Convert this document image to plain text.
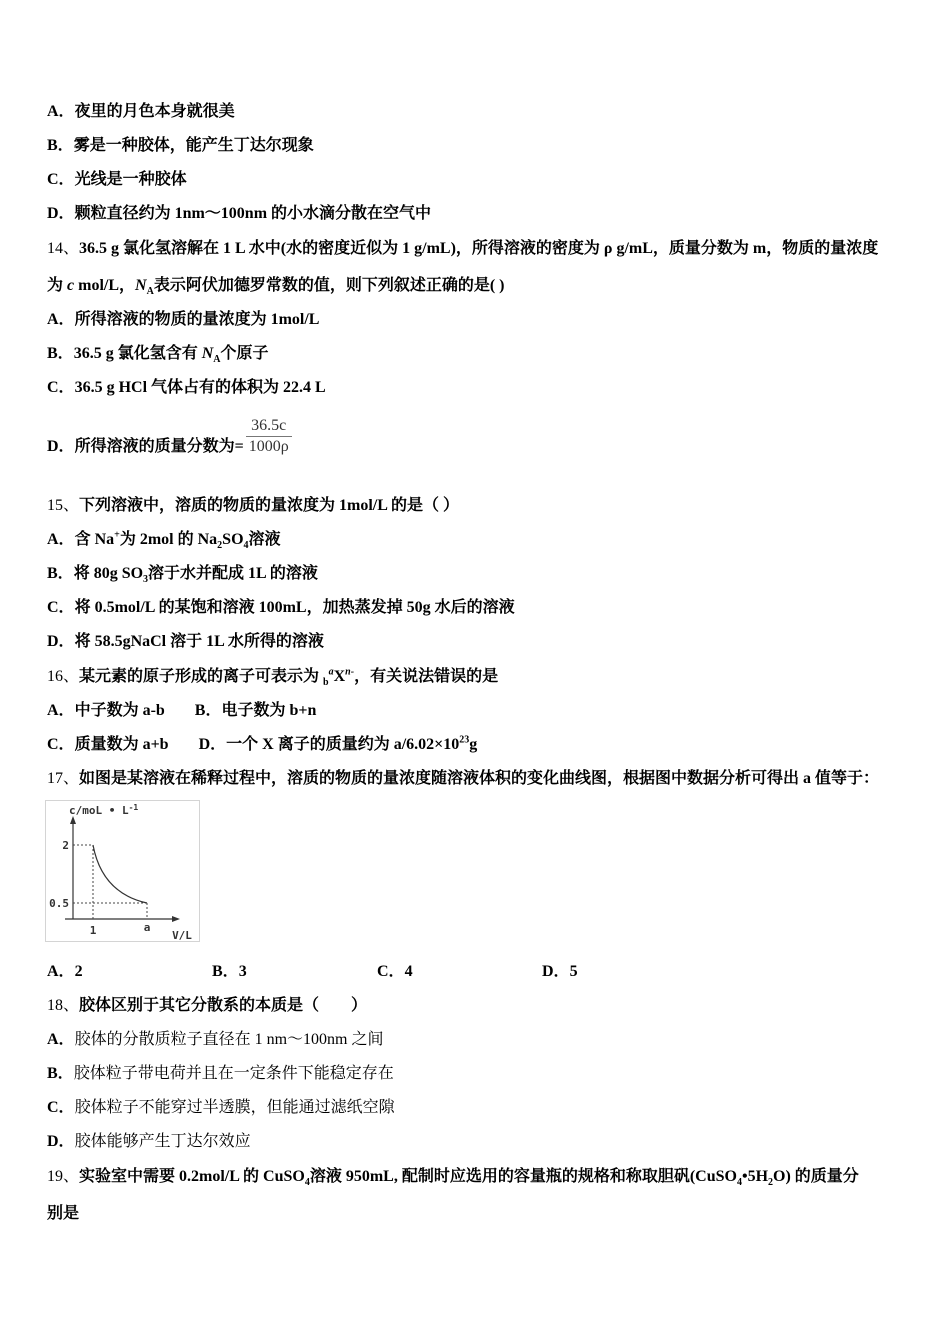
A．夜里的月色本身就很美
B．雾是一种胶体，能产生丁达尔现象
C．光线是一种胶体
D．颗粒直径约为 1nm～100nm 的小水滴分散在空气中
14、36.5 g 氯化氢溶解在 1 L 水中(水的密度近似为 1 g/mL)，所得溶液的密度为 ρ g/mL，质量分数为 m，物质的量浓度
为 c mol/L，$N_A$表示阿伏加德罗常数的值，则下列叙述正确的是( )
A．所得溶液的物质的量浓度为 1mol/L
B．36.5 g 氯化氢含有 $N_A$个原子
C．36.5 g HCl 气体占有的体积为 22.4 L
D． 所得溶液的质量分数为= $\frac{36.5c}{1000\rho}$
15、下列溶液中，溶质的物质的量浓度为 1mol/L 的是（ ）
A．含 Na+为 2mol 的 $Na_2SO_4$溶液
B．将 80g $SO_3$溶于水并配成 1L 的溶液
C．将 0.5mol/L 的某饱和溶液 100mL，加热蒸发掉 50g 水后的溶液
D．将 58.5gNaCl 溶于 1L 水所得的溶液
16、某元素的原子形成的离子可表示为 $_b^aX^{n-}$，有关说法错误的是
A．中子数为 a-b B．电子数为 b+n
C．质量数为 a+b D．一个 X 离子的质量约为 $a/6.02\times 10^{23}g$
17、如图是某溶液在稀释过程中，溶质的物质的量浓度随溶液体积的变化曲线图，根据图中数据分析可得出 a 值等于：
c/moL • $L^{-1}$
2
0.5
1	a
V/L
A．2	B．3	C．4	D．5
18、胶体区别于其它分散系的本质是（　　）
A．胶体的分散质粒子直径在 1 nm～100nm 之间
B．胶体粒子带电荷并且在一定条件下能稳定存在
C．胶体粒子不能穿过半透膜，但能通过滤纸空隙
D．胶体能够产生丁达尔效应
19、实验室中需要 0.2mol/L 的 CuSO$_4$溶液 950mL, 配制时应选用的容量瓶的规格和称取胆矾$(CuSO_4•5H_2O)$ 的质量分
别是
